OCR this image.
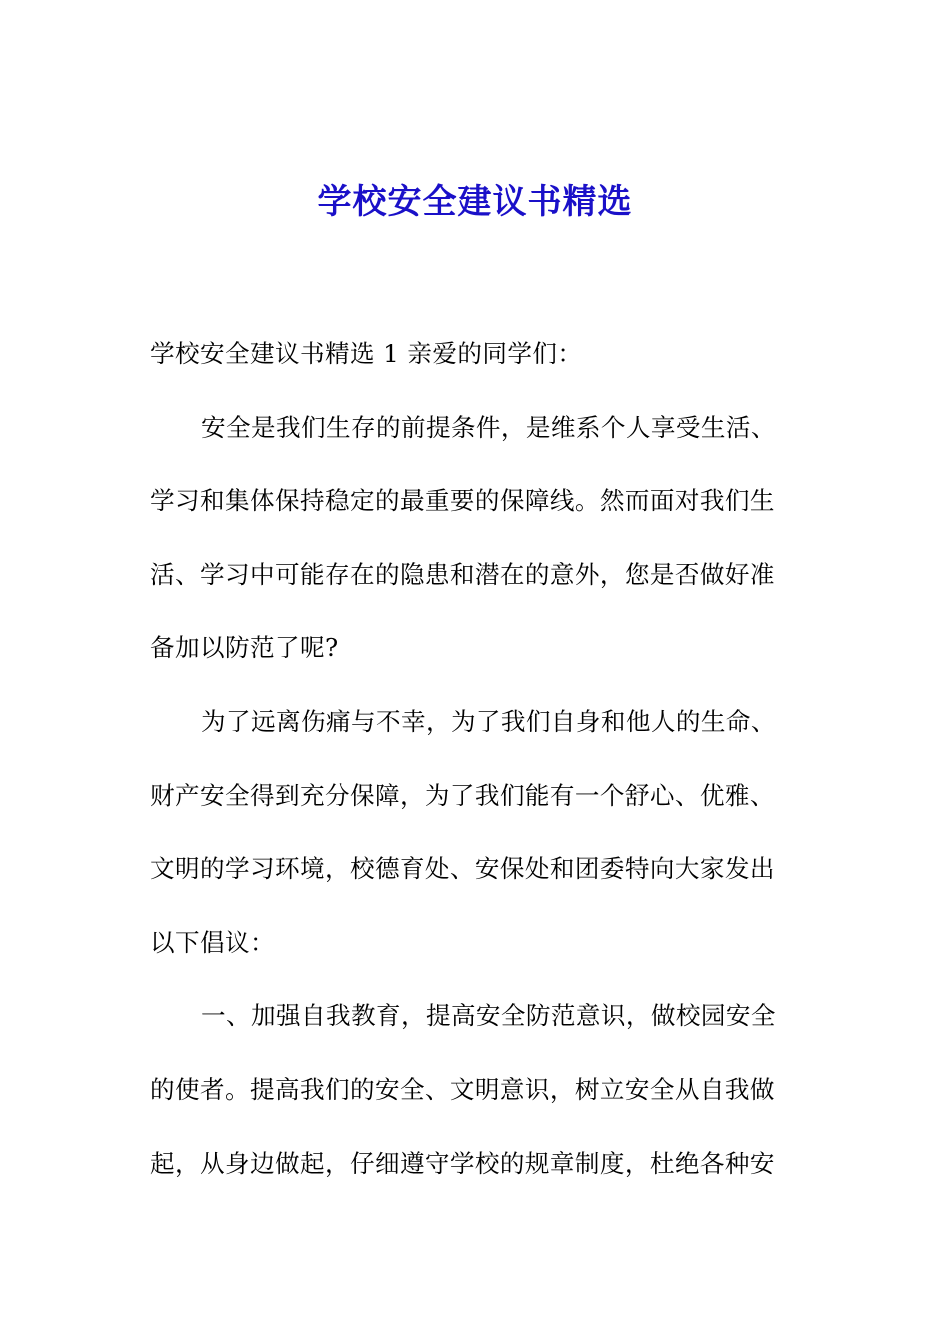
学校安全建议书精选
学校安全建议书精选 1 亲爱的同学们：
安全是我们生存的前提条件，是维系个人享受生活、
学习和集体保持稳定的最重要的保障线。然而面对我们生
活、学习中可能存在的隐患和潜在的意外，您是否做好准
备加以防范了呢?
为了远离伤痛与不幸，为了我们自身和他人的生命、
财产安全得到充分保障，为了我们能有一个舒心、优雅、
文明的学习环境，校德育处、安保处和团委特向大家发出
以下倡议：
一、加强自我教育，提高安全防范意识，做校园安全
的使者。提高我们的安全、文明意识，树立安全从自我做
起，从身边做起，仔细遵守学校的规章制度，杜绝各种安
